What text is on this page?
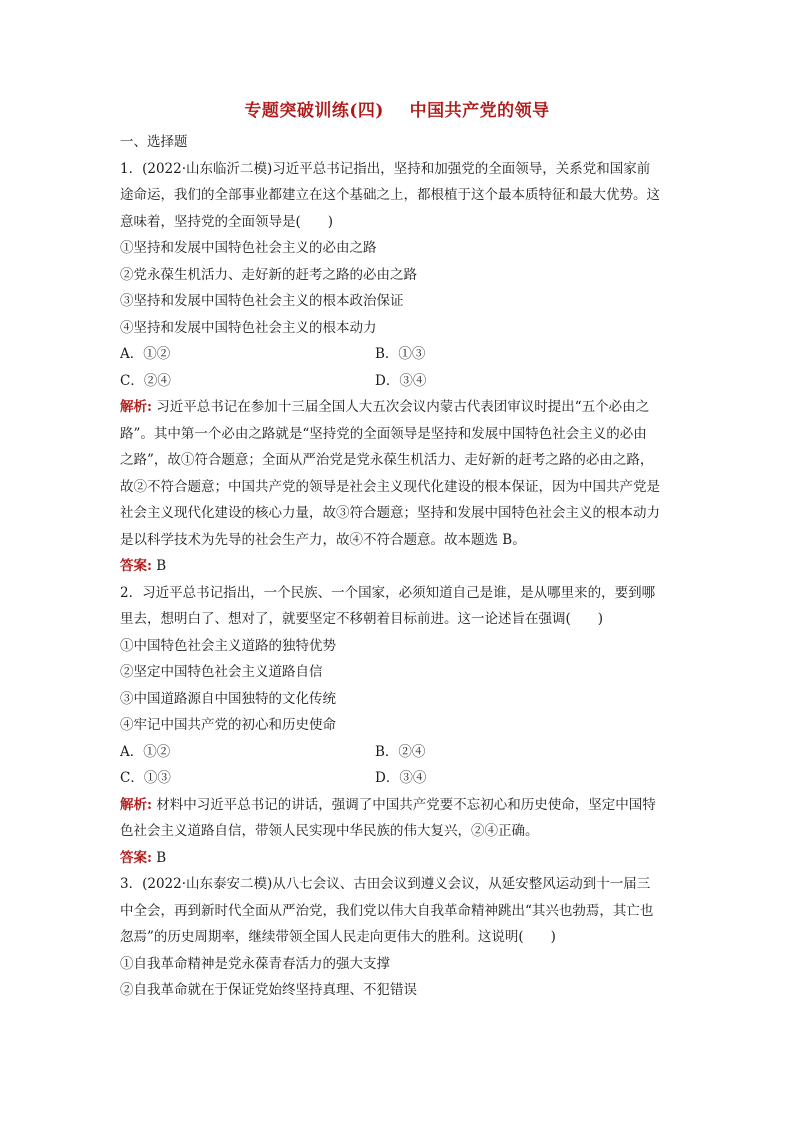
专题突破训练(四)    中国共产党的领导
一、选择题
1．(2022·山东临沂二模)习近平总书记指出，坚持和加强党的全面领导，关系党和国家前
途命运，我们的全部事业都建立在这个基础之上，都根植于这个最本质特征和最大优势。这
意味着，坚持党的全面领导是(　　)
①坚持和发展中国特色社会主义的必由之路
②党永葆生机活力、走好新的赶考之路的必由之路
③坚持和发展中国特色社会主义的根本政治保证
④坚持和发展中国特色社会主义的根本动力
A．①②	B．①③
C．②④	D．③④
解析: 习近平总书记在参加十三届全国人大五次会议内蒙古代表团审议时提出“五个必由之
路”。其中第一个必由之路就是“坚持党的全面领导是坚持和发展中国特色社会主义的必由
之路”，故①符合题意；全面从严治党是党永葆生机活力、走好新的赶考之路的必由之路，
故②不符合题意；中国共产党的领导是社会主义现代化建设的根本保证，因为中国共产党是
社会主义现代化建设的核心力量，故③符合题意；坚持和发展中国特色社会主义的根本动力
是以科学技术为先导的社会生产力，故④不符合题意。故本题选 B。
答案: B
2．习近平总书记指出，一个民族、一个国家，必须知道自己是谁，是从哪里来的，要到哪
里去，想明白了、想对了，就要坚定不移朝着目标前进。这一论述旨在强调(　　)
①中国特色社会主义道路的独特优势
②坚定中国特色社会主义道路自信
③中国道路源自中国独特的文化传统
④牢记中国共产党的初心和历史使命
A．①②	B．②④
C．①③	D．③④
解析: 材料中习近平总书记的讲话，强调了中国共产党要不忘初心和历史使命，坚定中国特
色社会主义道路自信，带领人民实现中华民族的伟大复兴，②④正确。
答案: B
3．(2022·山东泰安二模)从八七会议、古田会议到遵义会议，从延安整风运动到十一届三
中全会，再到新时代全面从严治党，我们党以伟大自我革命精神跳出“其兴也勃焉，其亡也
忽焉”的历史周期率，继续带领全国人民走向更伟大的胜利。这说明(　　)
①自我革命精神是党永葆青春活力的强大支撑
②自我革命就在于保证党始终坚持真理、不犯错误
